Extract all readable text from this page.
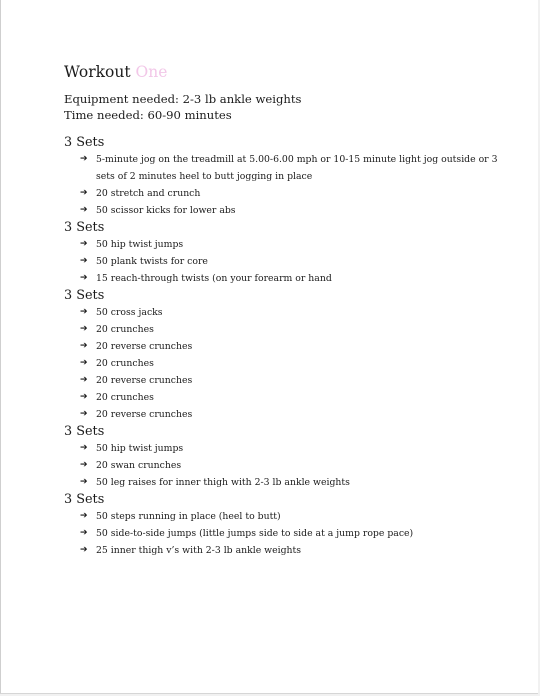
Workout One

Equipment needed: 2-3 lb ankle weights

Time needed: 60-90 minutes

3 Sets
➔ 5-minute jog on the treadmill at 5.00-6.00 mph or 10-15 minute light jog outside or 3 sets of 2 minutes heel to butt jogging in place
➔ 20 stretch and crunch
➔ 50 scissor kicks for lower abs
3 Sets
➔ 50 hip twist jumps
➔ 50 plank twists for core
➔ 15 reach-through twists (on your forearm or hand
3 Sets
➔ 50 cross jacks
➔ 20 crunches
➔ 20 reverse crunches
➔ 20 crunches
➔ 20 reverse crunches
➔ 20 crunches
➔ 20 reverse crunches
3 Sets
➔ 50 hip twist jumps
➔ 20 swan crunches
➔ 50 leg raises for inner thigh with 2-3 lb ankle weights
3 Sets
➔ 50 steps running in place (heel to butt)
➔ 50 side-to-side jumps (little jumps side to side at a jump rope pace)
➔ 25 inner thigh v’s with 2-3 lb ankle weights
